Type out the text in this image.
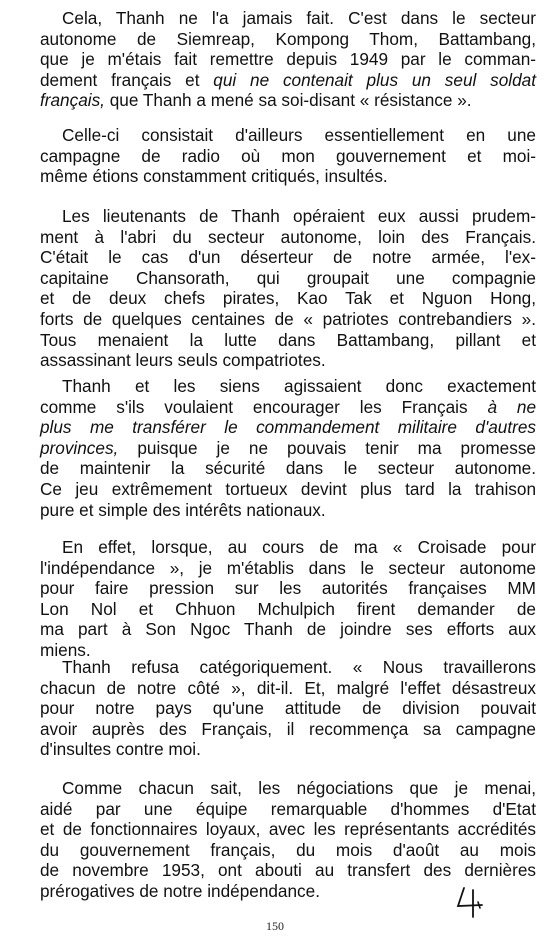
Cela, Thanh ne l'a jamais fait. C'est dans le secteur
autonome de Siemreap, Kompong Thom, Battambang,
que je m'étais fait remettre depuis 1949 par le comman-
dement français et qui ne contenait plus un seul soldat
français, que Thanh a mené sa soi-disant « résistance ».
Celle-ci consistait d'ailleurs essentiellement en une
campagne de radio où mon gouvernement et moi-
même étions constamment critiqués, insultés.
Les lieutenants de Thanh opéraient eux aussi prudem-
ment à l'abri du secteur autonome, loin des Français.
C'était le cas d'un déserteur de notre armée, l'ex-
capitaine Chansorath, qui groupait une compagnie
et de deux chefs pirates, Kao Tak et Nguon Hong,
forts de quelques centaines de « patriotes contrebandiers ».
Tous menaient la lutte dans Battambang, pillant et
assassinant leurs seuls compatriotes.
Thanh et les siens agissaient donc exactement
comme s'ils voulaient encourager les Français à ne
plus me transférer le commandement militaire d'autres
provinces, puisque je ne pouvais tenir ma promesse
de maintenir la sécurité dans le secteur autonome.
Ce jeu extrêmement tortueux devint plus tard la trahison
pure et simple des intérêts nationaux.
En effet, lorsque, au cours de ma « Croisade pour
l'indépendance », je m'établis dans le secteur autonome
pour faire pression sur les autorités françaises MM
Lon Nol et Chhuon Mchulpich firent demander de
ma part à Son Ngoc Thanh de joindre ses efforts aux
miens.
Thanh refusa catégoriquement. « Nous travaillerons
chacun de notre côté », dit-il. Et, malgré l'effet désastreux
pour notre pays qu'une attitude de division pouvait
avoir auprès des Français, il recommença sa campagne
d'insultes contre moi.
Comme chacun sait, les négociations que je menai,
aidé par une équipe remarquable d'hommes d'Etat
et de fonctionnaires loyaux, avec les représentants accrédités
du gouvernement français, du mois d'août au mois
de novembre 1953, ont abouti au transfert des dernières
prérogatives de notre indépendance.
150
